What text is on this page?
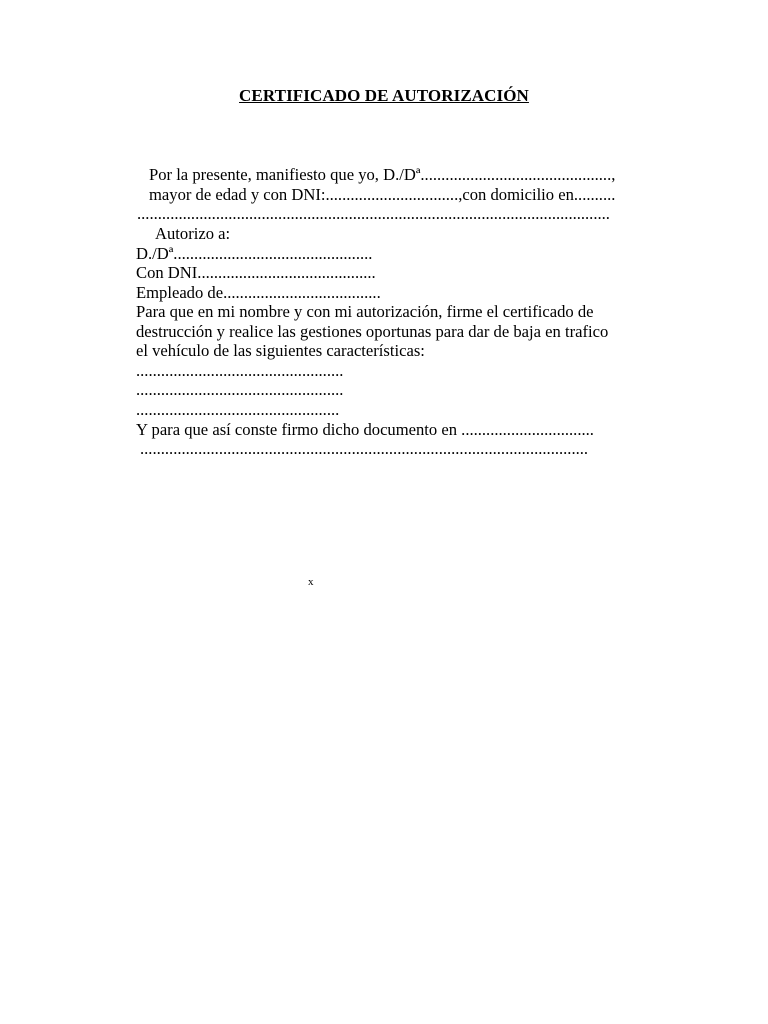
CERTIFICADO DE AUTORIZACIÓN
Por la presente, manifiesto que yo, D./Dª..............................................,
mayor de edad y con DNI:................................,con domicilio en..........
..................................................................................................................
Autorizo a:
D./Dª................................................
Con DNI...........................................
Empleado de......................................
Para que en mi nombre y con mi autorización, firme el certificado de
destrucción y realice las gestiones oportunas para dar de baja en trafico
el vehículo de las siguientes características:
..................................................
..................................................
.................................................
Y para que así conste firmo dicho documento en ................................
............................................................................................................
x
